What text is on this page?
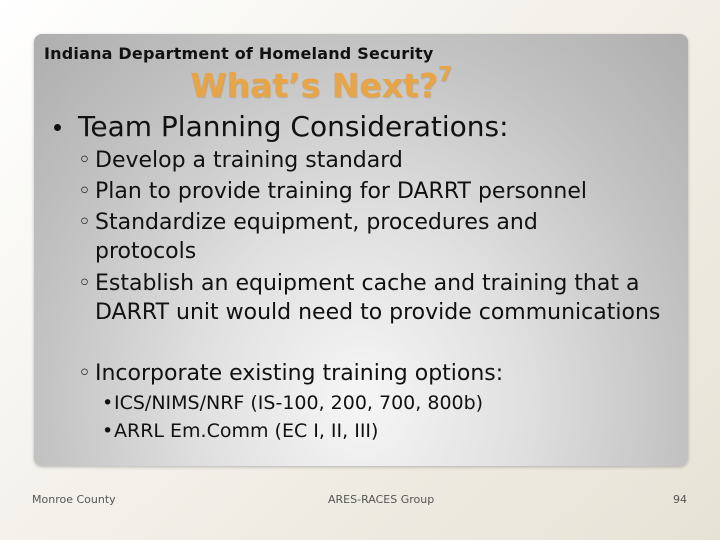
Indiana Department of Homeland Security
What’s Next?$^7$
Team Planning Considerations:
◦ Develop a training standard
◦ Plan to provide training for DARRT personnel
◦ Standardize equipment, procedures and protocols
◦ Establish an equipment cache and training that a DARRT unit would need to provide communications
◦ Incorporate existing training options:
• ICS/NIMS/NRF (IS-100, 200, 700, 800b)
• ARRL Em.Comm (EC I, II, III)
Monroe County	ARES-RACES Group	94
